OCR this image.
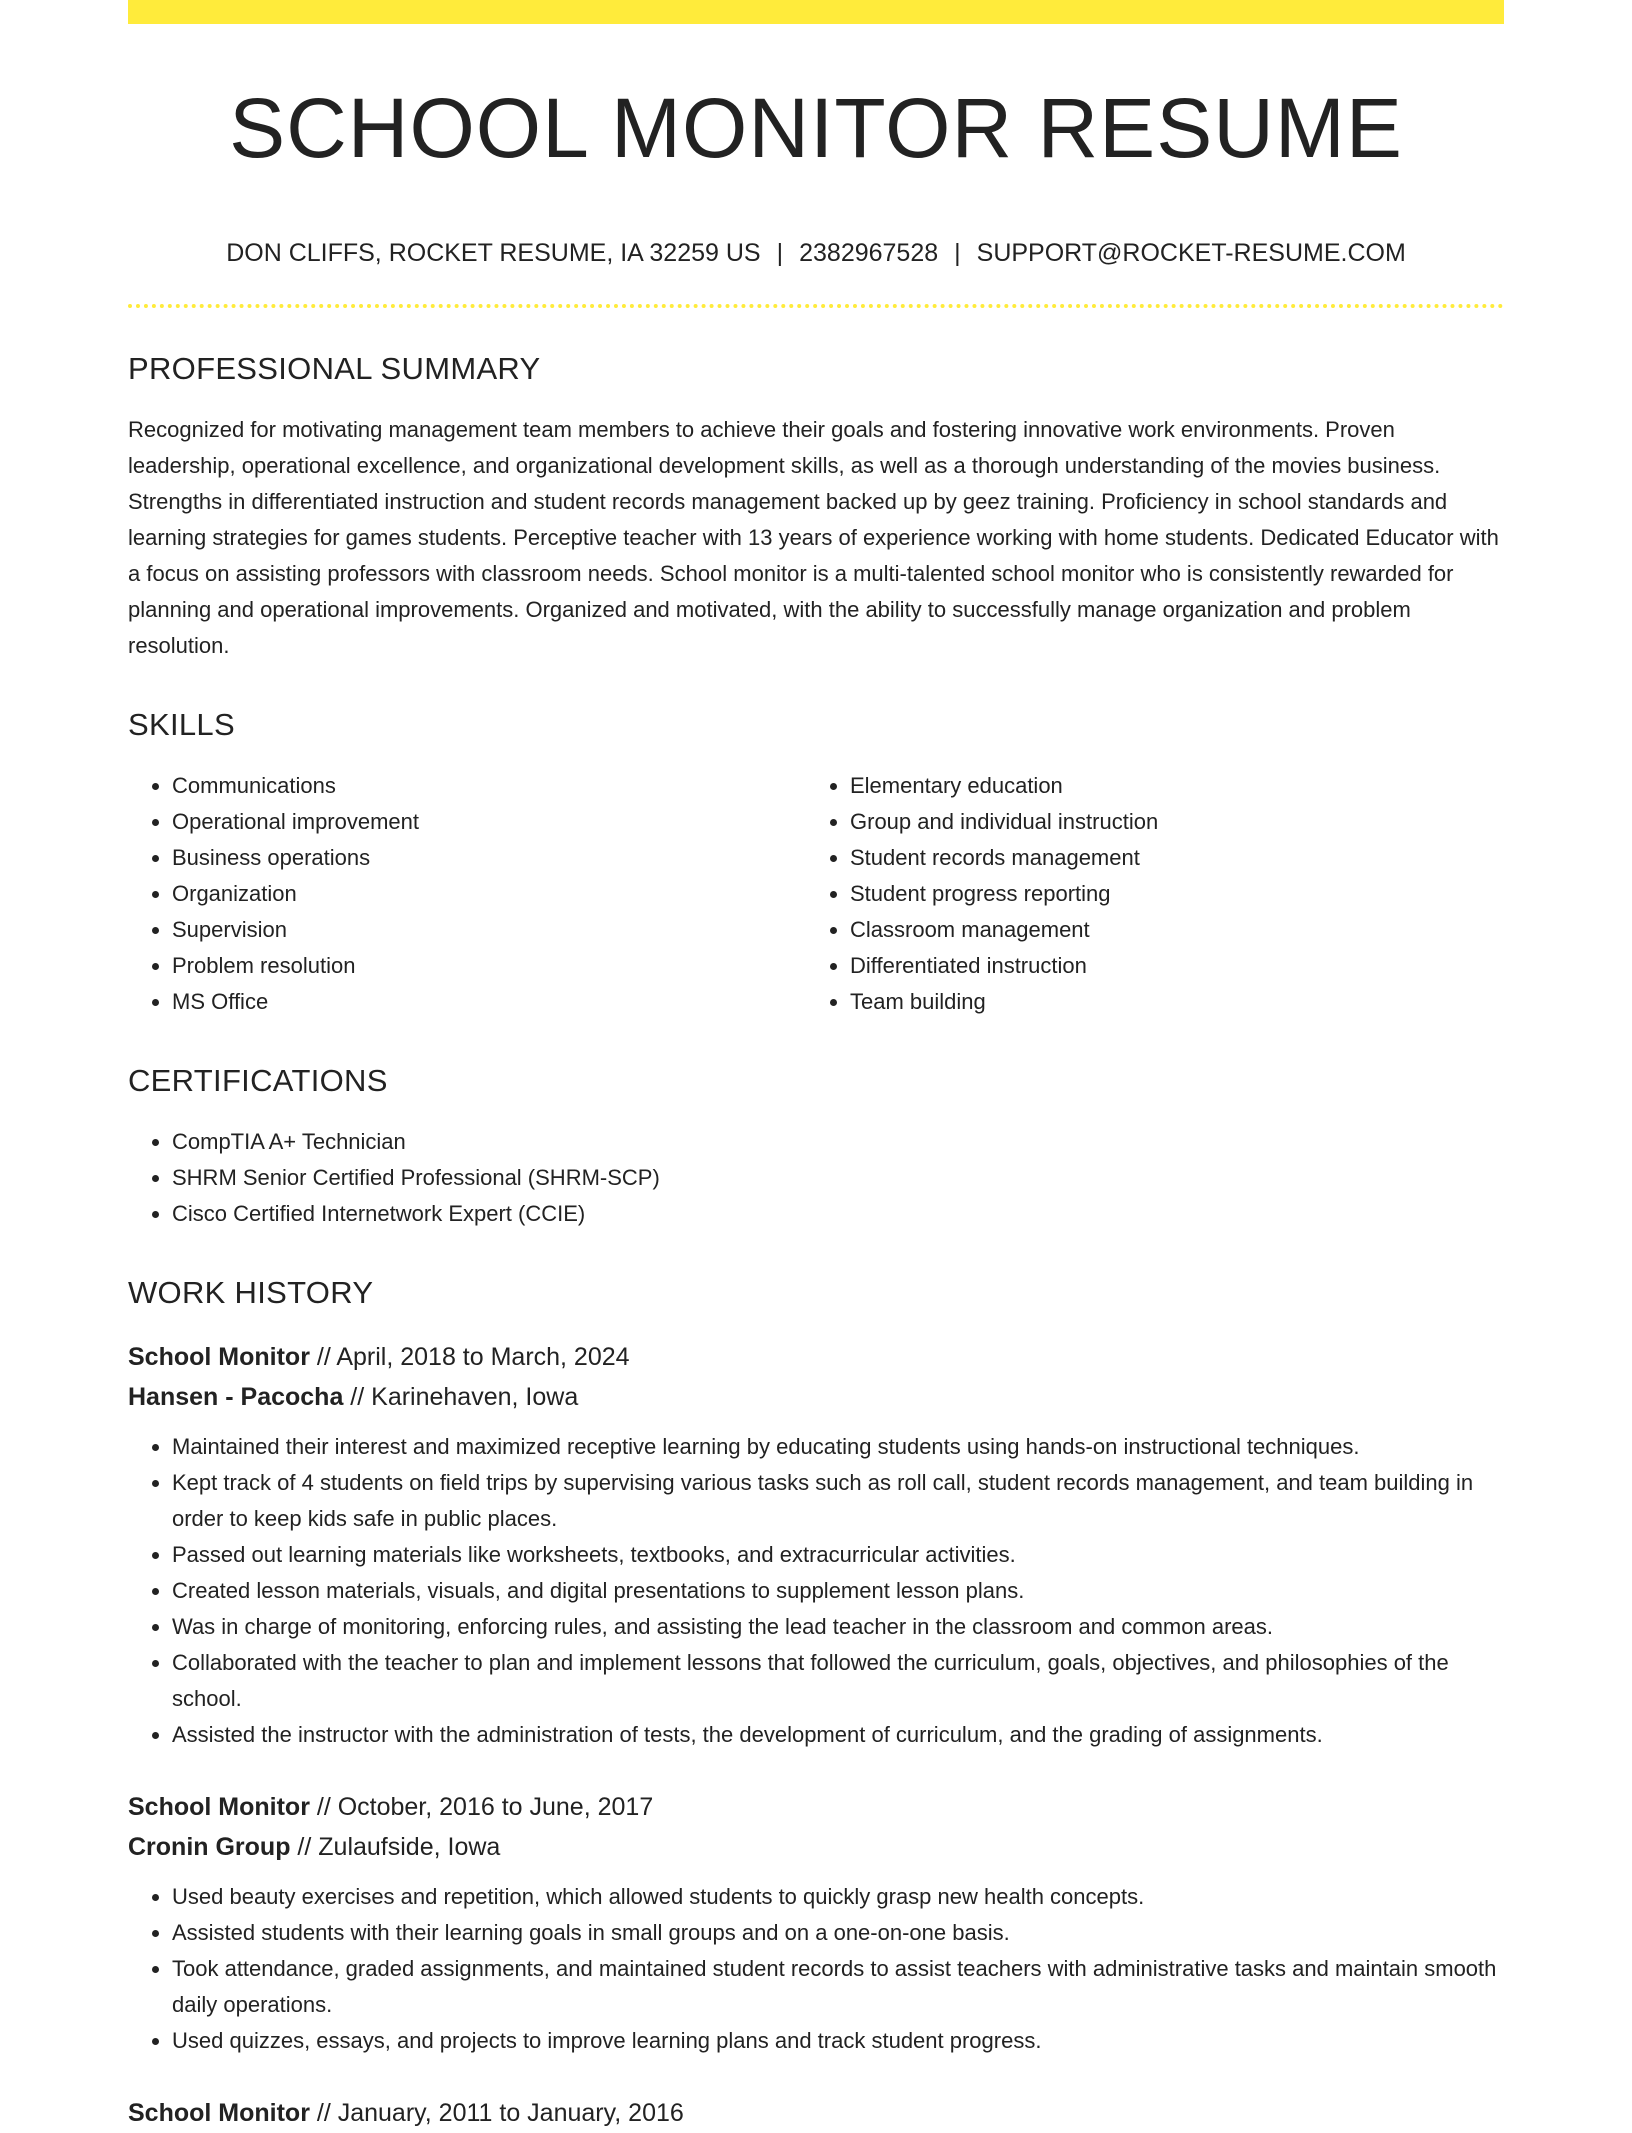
SCHOOL MONITOR RESUME
DON CLIFFS, ROCKET RESUME, IA 32259 US | 2382967528 | SUPPORT@ROCKET-RESUME.COM
PROFESSIONAL SUMMARY

Recognized for motivating management team members to achieve their goals and fostering innovative work environments. Proven leadership, operational excellence, and organizational development skills, as well as a thorough understanding of the movies business. Strengths in differentiated instruction and student records management backed up by geez training. Proficiency in school standards and learning strategies for games students. Perceptive teacher with 13 years of experience working with home students. Dedicated Educator with a focus on assisting professors with classroom needs. School monitor is a multi-talented school monitor who is consistently rewarded for planning and operational improvements. Organized and motivated, with the ability to successfully manage organization and problem resolution.

SKILLS
• Communications
• Operational improvement
• Business operations
• Organization
• Supervision
• Problem resolution
• MS Office
• Elementary education
• Group and individual instruction
• Student records management
• Student progress reporting
• Classroom management
• Differentiated instruction
• Team building
CERTIFICATIONS
• CompTIA A+ Technician
• SHRM Senior Certified Professional (SHRM-SCP)
• Cisco Certified Internetwork Expert (CCIE)
WORK HISTORY
School Monitor // April, 2018 to March, 2024
Hansen - Pacocha // Karinehaven, Iowa
• Maintained their interest and maximized receptive learning by educating students using hands-on instructional techniques.
• Kept track of 4 students on field trips by supervising various tasks such as roll call, student records management, and team building in order to keep kids safe in public places.
• Passed out learning materials like worksheets, textbooks, and extracurricular activities.
• Created lesson materials, visuals, and digital presentations to supplement lesson plans.
• Was in charge of monitoring, enforcing rules, and assisting the lead teacher in the classroom and common areas.
• Collaborated with the teacher to plan and implement lessons that followed the curriculum, goals, objectives, and philosophies of the school.
• Assisted the instructor with the administration of tests, the development of curriculum, and the grading of assignments.
School Monitor // October, 2016 to June, 2017
Cronin Group // Zulaufside, Iowa
• Used beauty exercises and repetition, which allowed students to quickly grasp new health concepts.
• Assisted students with their learning goals in small groups and on a one-on-one basis.
• Took attendance, graded assignments, and maintained student records to assist teachers with administrative tasks and maintain smooth daily operations.
• Used quizzes, essays, and projects to improve learning plans and track student progress.
School Monitor // January, 2011 to January, 2016
